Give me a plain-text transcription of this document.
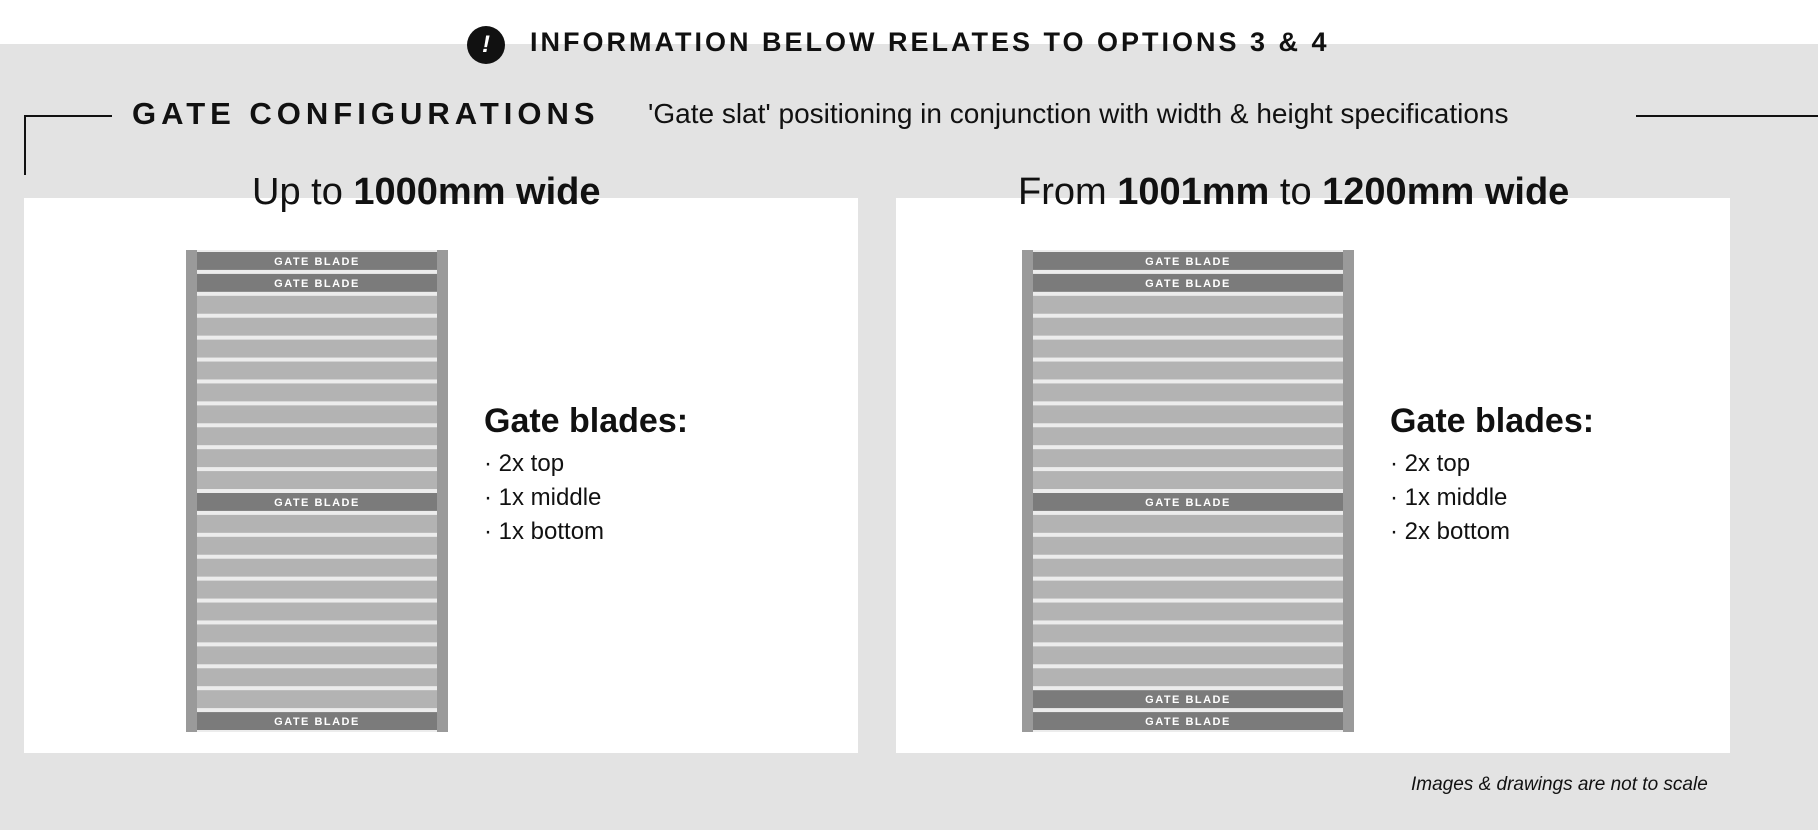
!	INFORMATION BELOW RELATES TO OPTIONS 3 & 4
GATE CONFIGURATIONS 'Gate slat' positioning in conjunction with width & height specifications
Up to 1000mm wide	From 1001mm to 1200mm wide
GATE BLADE
GATE BLADE
GATE BLADE
GATE BLADE
GATE BLADE
GATE BLADE
GATE BLADE
GATE BLADE
GATE BLADE
Gate blades:
· 2x top
· 1x middle
· 1x bottom
Gate blades:
· 2x top
· 1x middle
· 2x bottom
Images & drawings are not to scale
